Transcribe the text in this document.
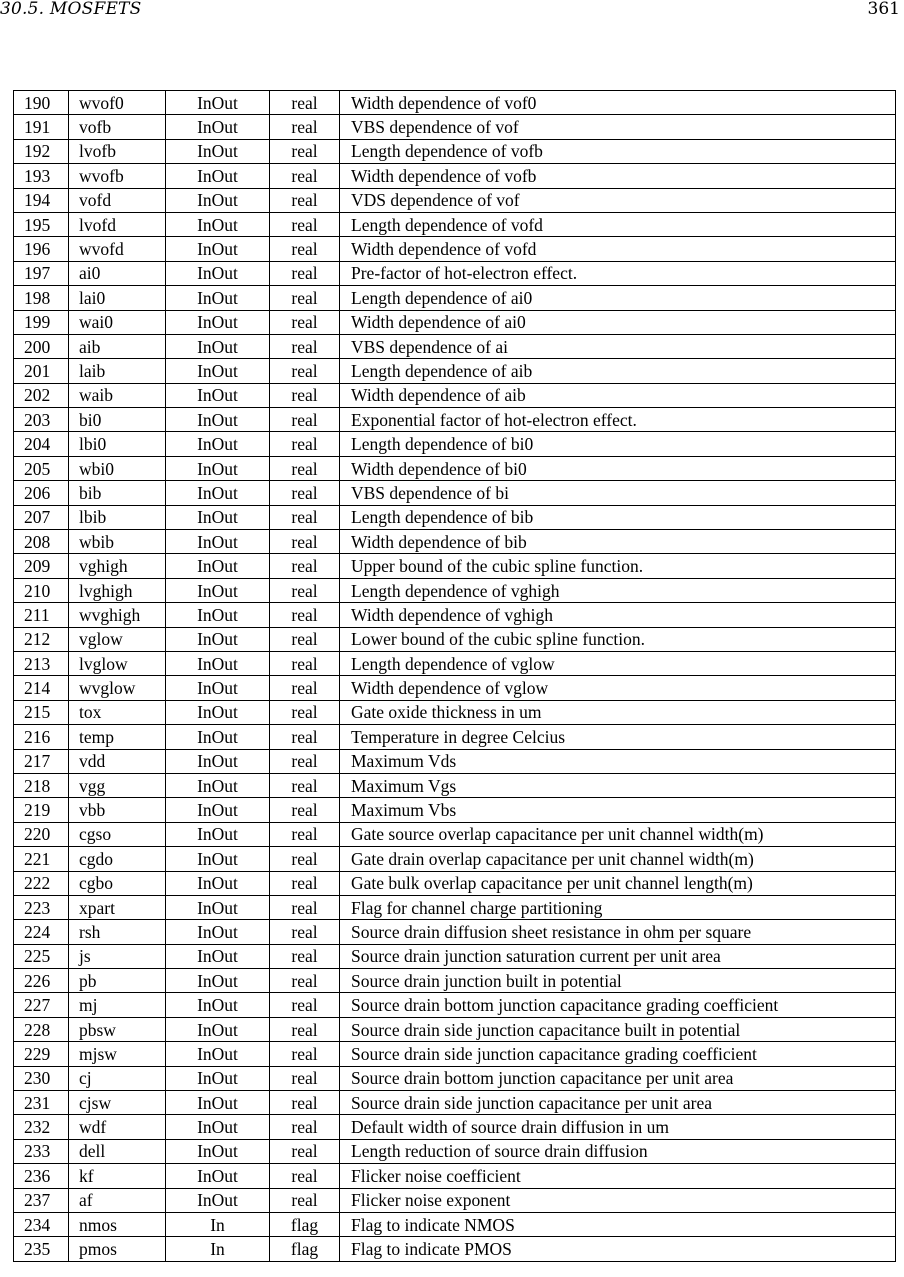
30.5. MOSFETS	361
190	wvof0	InOut	real	Width dependence of vof0
191	vofb	InOut	real	VBS dependence of vof
192	lvofb	InOut	real	Length dependence of vofb
193	wvofb	InOut	real	Width dependence of vofb
194	vofd	InOut	real	VDS dependence of vof
195	lvofd	InOut	real	Length dependence of vofd
196	wvofd	InOut	real	Width dependence of vofd
197	ai0	InOut	real	Pre-factor of hot-electron effect.
198	lai0	InOut	real	Length dependence of ai0
199	wai0	InOut	real	Width dependence of ai0
200	aib	InOut	real	VBS dependence of ai
201	laib	InOut	real	Length dependence of aib
202	waib	InOut	real	Width dependence of aib
203	bi0	InOut	real	Exponential factor of hot-electron effect.
204	lbi0	InOut	real	Length dependence of bi0
205	wbi0	InOut	real	Width dependence of bi0
206	bib	InOut	real	VBS dependence of bi
207	lbib	InOut	real	Length dependence of bib
208	wbib	InOut	real	Width dependence of bib
209	vghigh	InOut	real	Upper bound of the cubic spline function.
210	lvghigh	InOut	real	Length dependence of vghigh
211	wvghigh	InOut	real	Width dependence of vghigh
212	vglow	InOut	real	Lower bound of the cubic spline function.
213	lvglow	InOut	real	Length dependence of vglow
214	wvglow	InOut	real	Width dependence of vglow
215	tox	InOut	real	Gate oxide thickness in um
216	temp	InOut	real	Temperature in degree Celcius
217	vdd	InOut	real	Maximum Vds
218	vgg	InOut	real	Maximum Vgs
219	vbb	InOut	real	Maximum Vbs
220	cgso	InOut	real	Gate source overlap capacitance per unit channel width(m)
221	cgdo	InOut	real	Gate drain overlap capacitance per unit channel width(m)
222	cgbo	InOut	real	Gate bulk overlap capacitance per unit channel length(m)
223	xpart	InOut	real	Flag for channel charge partitioning
224	rsh	InOut	real	Source drain diffusion sheet resistance in ohm per square
225	js	InOut	real	Source drain junction saturation current per unit area
226	pb	InOut	real	Source drain junction built in potential
227	mj	InOut	real	Source drain bottom junction capacitance grading coefficient
228	pbsw	InOut	real	Source drain side junction capacitance built in potential
229	mjsw	InOut	real	Source drain side junction capacitance grading coefficient
230	cj	InOut	real	Source drain bottom junction capacitance per unit area
231	cjsw	InOut	real	Source drain side junction capacitance per unit area
232	wdf	InOut	real	Default width of source drain diffusion in um
233	dell	InOut	real	Length reduction of source drain diffusion
236	kf	InOut	real	Flicker noise coefficient
237	af	InOut	real	Flicker noise exponent
234	nmos	In	flag	Flag to indicate NMOS
235	pmos	In	flag	Flag to indicate PMOS
